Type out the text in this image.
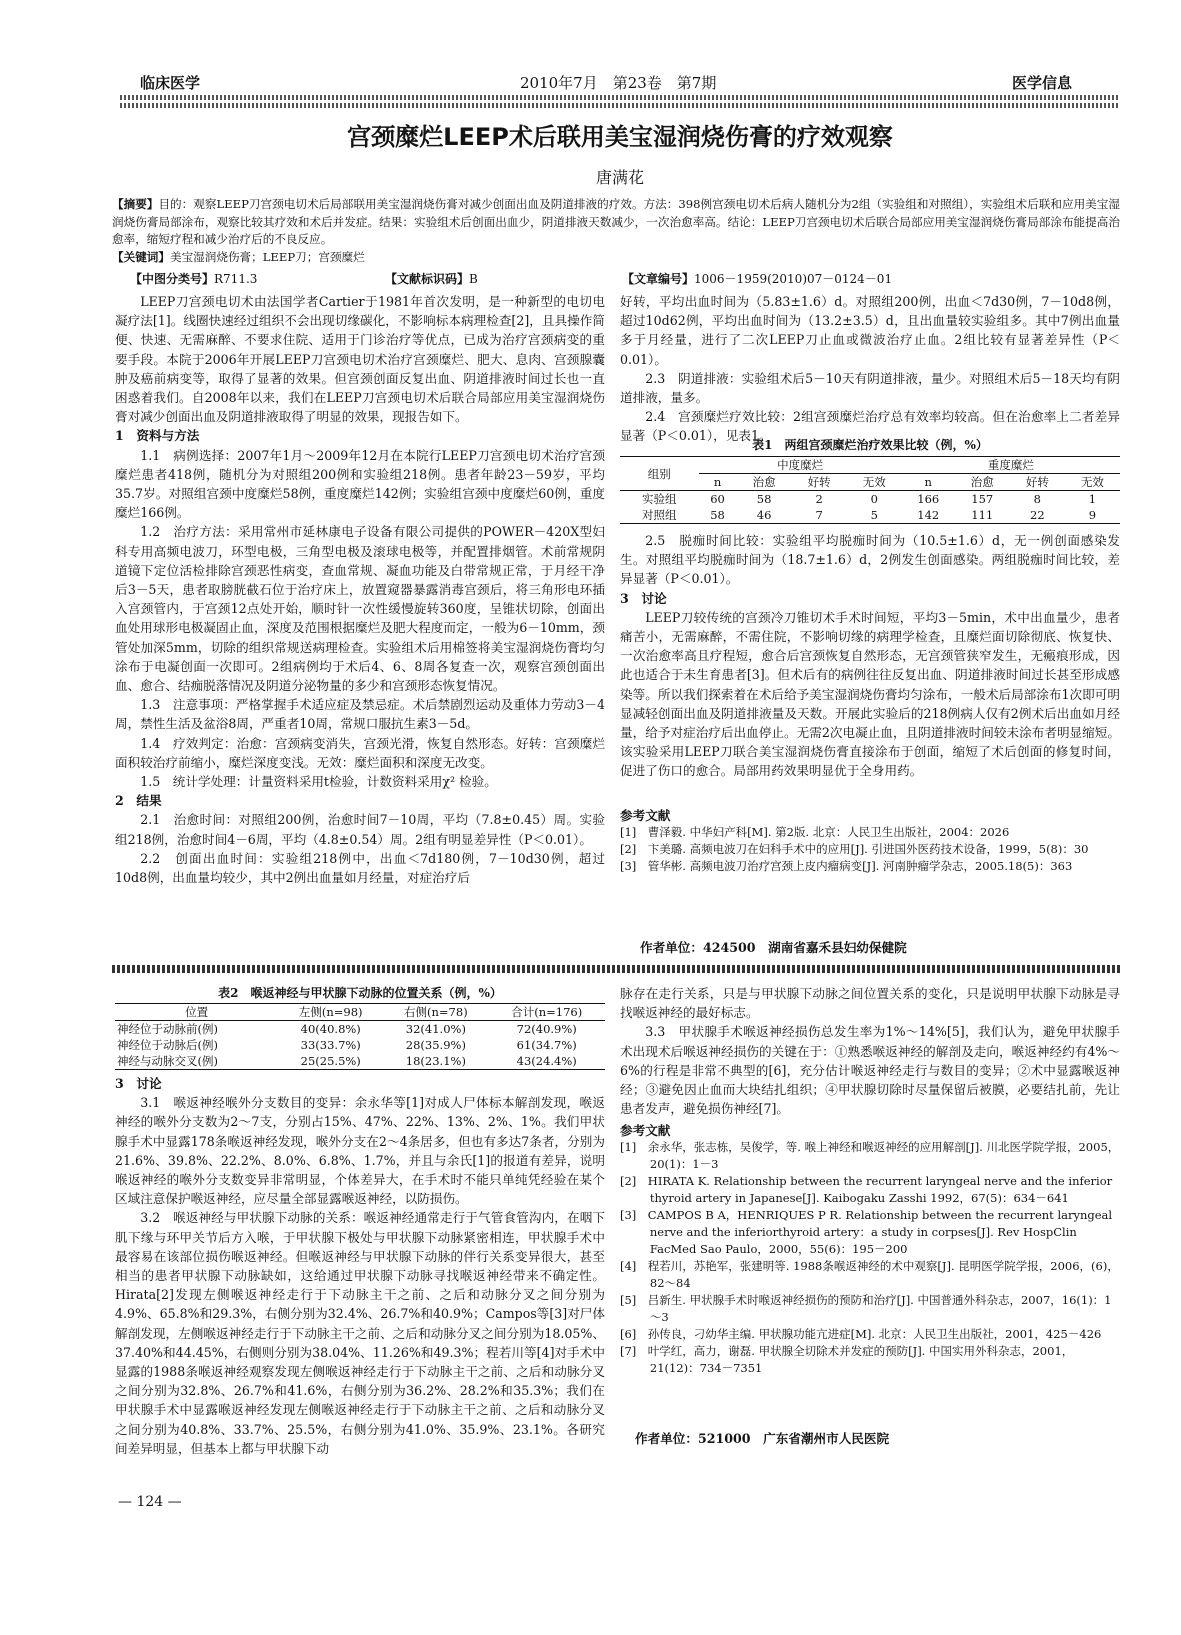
临床医学	2010年7月　第23卷　第7期	医学信息
宫颈糜烂LEEP术后联用美宝湿润烧伤膏的疗效观察
唐满花
【摘要】目的：观察LEEP刀宫颈电切术后局部联用美宝湿润烧伤膏对减少创面出血及阴道排液的疗效。方法：398例宫颈电切术后病人随机分为2组（实验组和对照组），实验组术后联和应用美宝湿润烧伤膏局部涂布，观察比较其疗效和术后并发症。结果：实验组术后创面出血少，阴道排液天数减少，一次治愈率高。结论：LEEP刀宫颈电切术后联合局部应用美宝湿润烧伤膏局部涂布能提高治愈率，缩短疗程和减少治疗后的不良反应。
【关键词】美宝湿润烧伤膏；LEEP刀；宫颈糜烂
【中图分类号】R711.3	【文献标识码】B	【文章编号】1006－1959(2010)07－0124－01

LEEP刀宫颈电切术由法国学者Cartier于1981年首次发明，是一种新型的电切电凝疗法[1]。线圈快速经过组织不会出现切缘碳化，不影响标本病理检查[2]，且具操作简便、快速、无需麻醉、不要求住院、适用于门诊治疗等优点，已成为治疗宫颈病变的重要手段。本院于2006年开展LEEP刀宫颈电切术治疗宫颈糜烂、肥大、息肉、宫颈腺囊肿及癌前病变等，取得了显著的效果。但宫颈创面反复出血、阴道排液时间过长也一直困惑着我们。自2008年以来，我们在LEEP刀宫颈电切术后联合局部应用美宝湿润烧伤膏对减少创面出血及阴道排液取得了明显的效果，现报告如下。

1　资料与方法

1.1　病例选择：2007年1月～2009年12月在本院行LEEP刀宫颈电切术治疗宫颈糜烂患者418例，随机分为对照组200例和实验组218例。患者年龄23－59岁，平均35.7岁。对照组宫颈中度糜烂58例，重度糜烂142例；实验组宫颈中度糜烂60例，重度糜烂166例。

1.2　治疗方法：采用常州市延林康电子设备有限公司提供的POWER－420X型妇科专用高频电波刀，环型电极，三角型电极及滚球电极等，并配置排烟管。术前常规阴道镜下定位活检排除宫颈恶性病变，查血常规、凝血功能及白带常规正常，于月经干净后3－5天，患者取膀胱截石位于治疗床上，放置窥器暴露消毒宫颈后，将三角形电环插入宫颈管内，于宫颈12点处开始，顺时针一次性缓慢旋转360度，呈锥状切除，创面出血处用球形电极凝固止血，深度及范围根据糜烂及肥大程度而定，一般为6－10mm，颈管处加深5mm，切除的组织常规送病理检查。实验组术后用棉签将美宝湿润烧伤膏均匀涂布于电凝创面一次即可。2组病例均于术后4、6、8周各复查一次，观察宫颈创面出血、愈合、结痂脱落情况及阴道分泌物量的多少和宫颈形态恢复情况。

1.3　注意事项：严格掌握手术适应症及禁忌症。术后禁剧烈运动及重体力劳动3－4周，禁性生活及盆浴8周，严重者10周，常规口服抗生素3－5d。

1.4　疗效判定：治愈：宫颈病变消失，宫颈光滑，恢复自然形态。好转：宫颈糜烂面积较治疗前缩小，糜烂深度变浅。无效：糜烂面积和深度无改变。

1.5　统计学处理：计量资料采用t检验，计数资料采用χ² 检验。

2　结果

2.1　治愈时间：对照组200例，治愈时间7－10周，平均（7.8±0.45）周。实验组218例，治愈时间4－6周，平均（4.8±0.54）周。2组有明显差异性（P＜0.01）。

2.2　创面出血时间：实验组218例中，出血＜7d180例，7－10d30例，超过10d8例，出血量均较少，其中2例出血量如月经量，对症治疗后

好转，平均出血时间为（5.83±1.6）d。对照组200例，出血＜7d30例，7－10d8例，超过10d62例，平均出血时间为（13.2±3.5）d，且出血量较实验组多。其中7例出血量多于月经量，进行了二次LEEP刀止血或微波治疗止血。2组比较有显著差异性（P＜0.01）。

2.3　阴道排液：实验组术后5－10天有阴道排液，量少。对照组术后5－18天均有阴道排液，量多。

2.4　宫颈糜烂疗效比较：2组宫颈糜烂治疗总有效率均较高。但在治愈率上二者差异显著（P＜0.01），见表1。

表1　两组宫颈糜烂治疗效果比较（例，%）
组别	中度糜烂				重度糜烂			
	n	治愈	好转	无效	n	治愈	好转	无效
实验组	60	58	2	0	166	157	8	1
对照组	58	46	7	5	142	111	22	9

2.5　脱痂时间比较：实验组平均脱痂时间为（10.5±1.6）d，无一例创面感染发生。对照组平均脱痂时间为（18.7±1.6）d，2例发生创面感染。两组脱痂时间比较，差异显著（P＜0.01）。

3　讨论

LEEP刀较传统的宫颈冷刀锥切术手术时间短，平均3－5min，术中出血量少，患者痛苦小，无需麻醉，不需住院，不影响切缘的病理学检查，且糜烂面切除彻底、恢复快、一次治愈率高且疗程短，愈合后宫颈恢复自然形态，无宫颈管狭窄发生，无瘢痕形成，因此也适合于未生育患者[3]。但术后有的病例往往反复出血、阴道排液时间过长甚至形成感染等。所以我们探索着在术后给予美宝湿润烧伤膏均匀涂布，一般术后局部涂布1次即可明显减轻创面出血及阴道排液量及天数。开展此实验后的218例病人仅有2例术后出血如月经量，给予对症治疗后出血停止。无需2次电凝止血，且阴道排液时间较未涂布者明显缩短。该实验采用LEEP刀联合美宝湿润烧伤膏直接涂布于创面，缩短了术后创面的修复时间，促进了伤口的愈合。局部用药效果明显优于全身用药。

参考文献

[1]　曹泽毅. 中华妇产科[M]. 第2版. 北京：人民卫生出版社，2004：2026

[2]　卞美璐. 高频电波刀在妇科手术中的应用[J]. 引进国外医药技术设备，1999，5(8)：30

[3]　管华彬. 高频电波刀治疗宫颈上皮内瘤病变[J]. 河南肿瘤学杂志，2005.18(5)：363

作者单位：424500　湖南省嘉禾县妇幼保健院
表2　喉返神经与甲状腺下动脉的位置关系（例，%）
位置	左侧(n=98)	右侧(n=78)	合计(n=176)
神经位于动脉前(例)	40(40.8%)	32(41.0%)	72(40.9%)
神经位于动脉后(例)	33(33.7%)	28(35.9%)	61(34.7%)
神经与动脉交叉(例)	25(25.5%)	18(23.1%)	43(24.4%)

3　讨论

3.1　喉返神经喉外分支数目的变异：余永华等[1]对成人尸体标本解剖发现，喉返神经的喉外分支数为2～7支，分别占15%、47%、22%、13%、2%、1%。我们甲状腺手术中显露178条喉返神经发现，喉外分支在2～4条居多，但也有多达7条者，分别为21.6%、39.8%、22.2%、8.0%、6.8%、1.7%，并且与余氏[1]的报道有差异，说明喉返神经的喉外分支数变异非常明显，个体差异大，在手术时不能只单纯凭经验在某个区域注意保护喉返神经，应尽量全部显露喉返神经，以防损伤。

3.2　喉返神经与甲状腺下动脉的关系：喉返神经通常走行于气管食管沟内，在咽下肌下缘与环甲关节后方入喉，于甲状腺下极处与甲状腺下动脉紧密相连，甲状腺手术中最容易在该部位损伤喉返神经。但喉返神经与甲状腺下动脉的伴行关系变异很大，甚至相当的患者甲状腺下动脉缺如，这给通过甲状腺下动脉寻找喉返神经带来不确定性。Hirata[2]发现左侧喉返神经走行于下动脉主干之前、之后和动脉分叉之间分别为4.9%、65.8%和29.3%，右侧分别为32.4%、26.7%和40.9%；Campos等[3]对尸体解剖发现，左侧喉返神经走行于下动脉主干之前、之后和动脉分叉之间分别为18.05%、37.40%和44.45%，右侧则分别为38.04%、11.26%和49.3%；程若川等[4]对手术中显露的1988条喉返神经观察发现左侧喉返神经走行于下动脉主干之前、之后和动脉分叉之间分别为32.8%、26.7%和41.6%，右侧分别为36.2%、28.2%和35.3%；我们在甲状腺手术中显露喉返神经发现左侧喉返神经走行于下动脉主干之前、之后和动脉分叉之间分别为40.8%、33.7%、25.5%，右侧分别为41.0%、35.9%、23.1%。各研究间差异明显，但基本上都与甲状腺下动

脉存在走行关系，只是与甲状腺下动脉之间位置关系的变化，只是说明甲状腺下动脉是寻找喉返神经的最好标志。

3.3　甲状腺手术喉返神经损伤总发生率为1%～14%[5]，我们认为，避免甲状腺手术出现术后喉返神经损伤的关键在于：①熟悉喉返神经的解剖及走向，喉返神经约有4%～6%的行程是非常不典型的[6]，充分估计喉返神经走行与数目的变异；②术中显露喉返神经；③避免因止血而大块结扎组织；④甲状腺切除时尽量保留后被膜，必要结扎前，先让患者发声，避免损伤神经[7]。

参考文献

[1]　余永华，张志栋，吴俊学，等. 喉上神经和喉返神经的应用解剖[J]. 川北医学院学报，2005，20(1)：1－3

[2]　HIRATA K. Relationship between the recurrent laryngeal nerve and the inferior thyroid artery in Japanese[J]. Kaibogaku Zasshi 1992，67(5)：634－641

[3]　CAMPOS B A，HENRIQUES P R. Relationship between the recurrent laryngeal nerve and the inferiorthyroid artery：a study in corpses[J]. Rev HospClin FacMed Sao Paulo，2000，55(6)：195－200

[4]　程若川，苏艳军，张建明等. 1988条喉返神经的术中观察[J]. 昆明医学院学报，2006，(6)，82～84

[5]　吕新生. 甲状腺手术时喉返神经损伤的预防和治疗[J]. 中国普通外科杂志，2007，16(1)：1～3

[6]　孙传良，刁幼华主编. 甲状腺功能亢进症[M]. 北京：人民卫生出版社，2001，425－426

[7]　叶学红，高力，谢磊. 甲状腺全切除术并发症的预防[J]. 中国实用外科杂志，2001，21(12)：734－7351

作者单位：521000　广东省潮州市人民医院
— 124 —
